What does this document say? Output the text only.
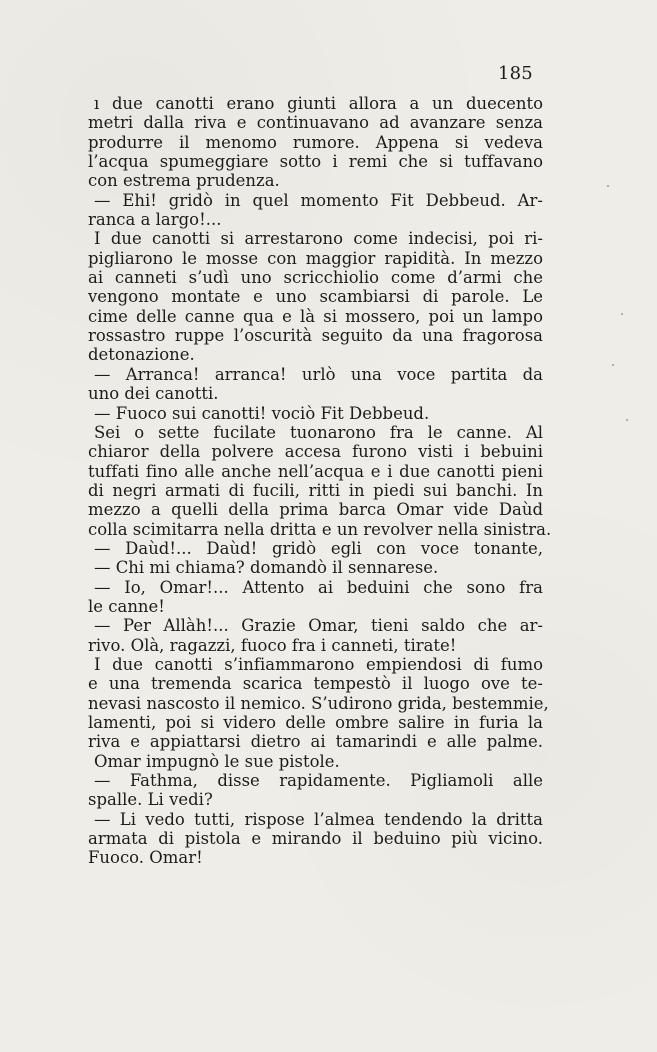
185
ı due canotti erano giunti allora a un duecento
metri dalla riva e continuavano ad avanzare senza
produrre il menomo rumore. Appena si vedeva
l’acqua spumeggiare sotto i remi che si tuffavano
con estrema prudenza.
— Ehi! gridò in quel momento Fit Debbeud. Ar-
ranca a largo!...
I due canotti si arrestarono come indecisi, poi ri-
pigliarono le mosse con maggior rapidità. In mezzo
ai canneti s’udì uno scricchiolio come d’armi che
vengono montate e uno scambiarsi di parole. Le
cime delle canne qua e là si mossero, poi un lampo
rossastro ruppe l’oscurità seguito da una fragorosa
detonazione.
— Arranca! arranca! urlò una voce partita da
uno dei canotti.
— Fuoco sui canotti! vociò Fit Debbeud.
Sei o sette fucilate tuonarono fra le canne. Al
chiaror della polvere accesa furono visti i bebuini
tuffati fino alle anche nell’acqua e i due canotti pieni
di negri armati di fucili, ritti in piedi sui banchi. In
mezzo a quelli della prima barca Omar vide Daùd
colla scimitarra nella dritta e un revolver nella sinistra.
— Daùd!... Daùd! gridò egli con voce tonante,
— Chi mi chiama? domandò il sennarese.
— Io, Omar!... Attento ai beduini che sono fra
le canne!
— Per Allàh!... Grazie Omar, tieni saldo che ar-
rivo. Olà, ragazzi, fuoco fra i canneti, tirate!
I due canotti s’infiammarono empiendosi di fumo
e una tremenda scarica tempestò il luogo ove te-
nevasi nascosto il nemico. S’udirono grida, bestemmie,
lamenti, poi si videro delle ombre salire in furia la
riva e appiattarsi dietro ai tamarindi e alle palme.
Omar impugnò le sue pistole.
— Fathma, disse rapidamente. Pigliamoli alle
spalle. Li vedi?
— Li vedo tutti, rispose l’almea tendendo la dritta
armata di pistola e mirando il beduino più vicino.
Fuoco. Omar!
